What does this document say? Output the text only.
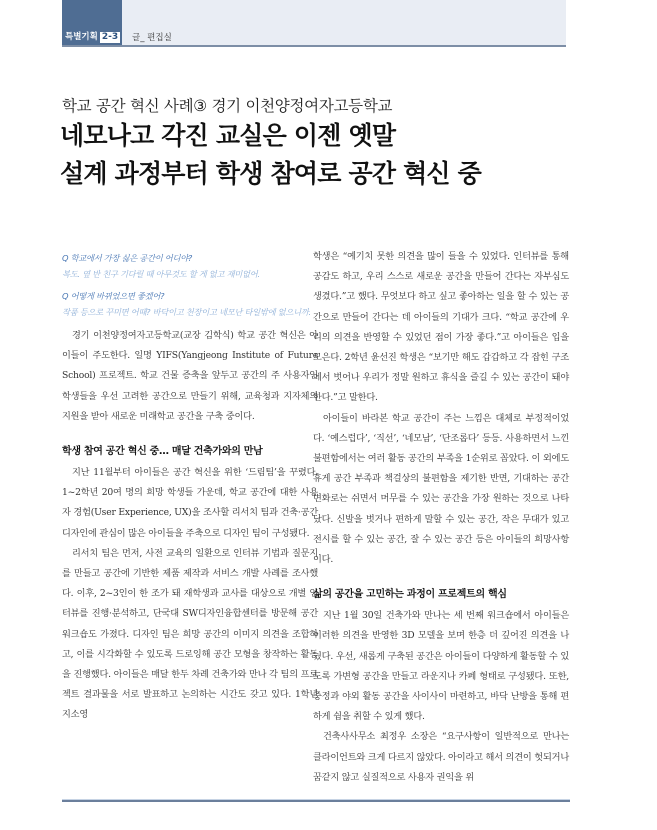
특별기획 2-3 글_ 편집실
학교 공간 혁신 사례③ 경기 이천양정여자고등학교
네모나고 각진 교실은 이젠 옛말
설계 과정부터 학생 참여로 공간 혁신 중
Q 학교에서 가장 싫은 공간이 어디야?
복도. 옆 반 친구 기다릴 때 아무것도 할 게 없고 재미없어.
Q 어떻게 바뀌었으면 좋겠어?
작품 등으로 꾸미면 어때? 바닥이고 천장이고 네모난 타일밖에 없으니까.

경기 이천양정여자고등학교(교장 김학식) 학교 공간 혁신은 아이들이 주도한다. 일명 YIFS(Yangjeong Institute of Future School) 프로젝트. 학교 건물 증축을 앞두고 공간의 주 사용자인 학생들을 우선 고려한 공간으로 만들기 위해, 교육청과 지자체의 지원을 받아 새로운 미래학교 공간을 구축 중이다.

학생 참여 공간 혁신 중… 매달 건축가와의 만남

지난 11월부터 아이들은 공간 혁신을 위한 ‘드림팀’을 꾸렸다. 1~2학년 20여 명의 희망 학생들 가운데, 학교 공간에 대한 사용자 경험(User Experience, UX)을 조사할 리서치 팀과 건축·공간 디자인에 관심이 많은 아이들을 주축으로 디자인 팀이 구성됐다.

리서치 팀은 먼저, 사전 교육의 일환으로 인터뷰 기법과 질문지를 만들고 공간에 기반한 제품 제작과 서비스 개발 사례를 조사했다. 이후, 2~3인이 한 조가 돼 재학생과 교사를 대상으로 개별 인터뷰를 진행·분석하고, 단국대 SW디자인융합센터를 방문해 공간워크숍도 가졌다. 디자인 팀은 희망 공간의 이미지 의견을 조합하고, 이를 시각화할 수 있도록 드로잉해 공간 모형을 창작하는 활동을 진행했다. 아이들은 매달 한두 차례 건축가와 만나 각 팀의 프로젝트 결과물을 서로 발표하고 논의하는 시간도 갖고 있다. 1학년 지소영

학생은 “예기치 못한 의견을 많이 들을 수 있었다. 인터뷰를 통해 공감도 하고, 우리 스스로 새로운 공간을 만들어 간다는 자부심도 생겼다.”고 했다. 무엇보다 하고 싶고 좋아하는 일을 할 수 있는 공간으로 만들어 간다는 데 아이들의 기대가 크다. “학교 공간에 우리의 의견을 반영할 수 있었던 점이 가장 좋다.”고 아이들은 입을 모은다. 2학년 윤선진 학생은 “보기만 해도 갑갑하고 각 잡힌 구조에서 벗어나 우리가 정말 원하고 휴식을 즐길 수 있는 공간이 돼야 한다.”고 말한다.

아이들이 바라본 학교 공간이 주는 느낌은 대체로 부정적이었다. ‘예스럽다’, ‘직선’, ‘네모남’, ‘단조롭다’ 등등. 사용하면서 느낀 불편함에서는 여러 활동 공간의 부족을 1순위로 꼽았다. 이 외에도 휴게 공간 부족과 책걸상의 불편함을 제기한 반면, 기대하는 공간 변화로는 쉬면서 머무를 수 있는 공간을 가장 원하는 것으로 나타났다. 신발을 벗거나 편하게 말할 수 있는 공간, 작은 무대가 있고 전시를 할 수 있는 공간, 잘 수 있는 공간 등은 아이들의 희망사항이다.

삶의 공간을 고민하는 과정이 프로젝트의 핵심

지난 1월 30일 건축가와 만나는 세 번째 워크숍에서 아이들은 이러한 의견을 반영한 3D 모델을 보며 한층 더 깊어진 의견을 나눴다. 우선, 새롭게 구축된 공간은 아이들이 다양하게 활동할 수 있도록 가변형 공간을 만들고 라운지나 카페 형태로 구성됐다. 또한, 중정과 야외 활동 공간을 사이사이 마련하고, 바닥 난방을 통해 편하게 쉼을 취할 수 있게 했다.

건축사사무소 최정우 소장은 “요구사항이 일반적으로 만나는 클라이언트와 크게 다르지 않았다. 아이라고 해서 의견이 헛되거나 꿈같지 않고 실질적으로 사용자 권익을 위
